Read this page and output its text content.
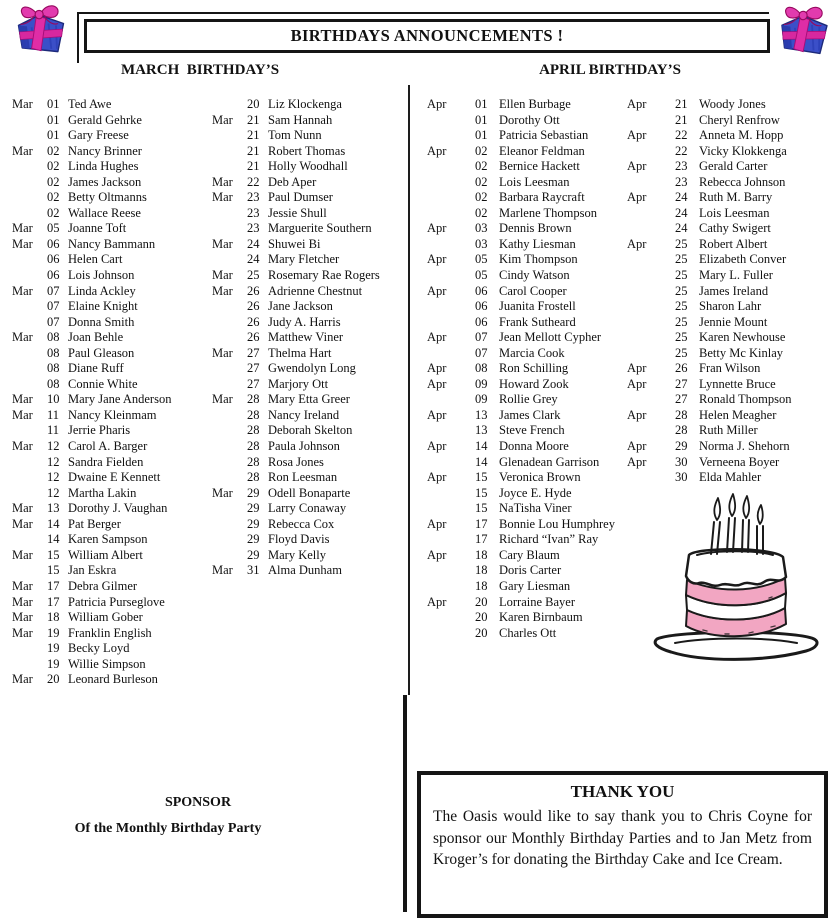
BIRTHDAYS ANNOUNCEMENTS !
MARCH  BIRTHDAY’S	APRIL BIRTHDAY’S
Mar	01 Ted Awe
01 Gerald Gehrke
01 Gary Freese
Mar	02 Nancy Brinner
02 Linda Hughes
02 James Jackson
02 Betty Oltmanns
02 Wallace Reese
Mar	05 Joanne Toft
Mar	06 Nancy Bammann
06 Helen Cart
06 Lois Johnson
Mar	07 Linda Ackley
07 Elaine Knight
07 Donna Smith
Mar	08 Joan Behle
08 Paul Gleason
08 Diane Ruff
08 Connie White
Mar	10 Mary Jane Anderson
Mar	11 Nancy Kleinmam
11 Jerrie Pharis
Mar	12 Carol A. Barger
12 Sandra Fielden
12 Dwaine E Kennett
12 Martha Lakin
Mar	13 Dorothy J. Vaughan
Mar	14 Pat Berger
14 Karen Sampson
Mar	15 William Albert
15 Jan Eskra
Mar	17 Debra Gilmer
Mar	17 Patricia Purseglove
Mar	18 William Gober
Mar	19 Franklin English
19 Becky Loyd
19 Willie Simpson
Mar	20 Leonard Burleson
20 Liz Klockenga
Mar	21 Sam Hannah
21 Tom Nunn
21 Robert Thomas
21 Holly Woodhall
Mar	22 Deb Aper
Mar	23 Paul Dumser
23 Jessie Shull
23 Marguerite Southern
Mar	24 Shuwei Bi
24 Mary Fletcher
Mar	25 Rosemary Rae Rogers
Mar	26 Adrienne Chestnut
26 Jane Jackson
26 Judy A. Harris
26 Matthew Viner
Mar	27 Thelma Hart
27 Gwendolyn Long
27 Marjory Ott
Mar	28 Mary Etta Greer
28 Nancy Ireland
28 Deborah Skelton
28 Paula Johnson
28 Rosa Jones
28 Ron Leesman
Mar	29 Odell Bonaparte
29 Larry Conaway
29 Rebecca Cox
29 Floyd Davis
29 Mary Kelly
Mar	31 Alma Dunham
Apr	01 Ellen Burbage
01 Dorothy Ott
01 Patricia Sebastian
Apr	02 Eleanor Feldman
02 Bernice Hackett
02 Lois Leesman
02 Barbara Raycraft
02 Marlene Thompson
Apr	03 Dennis Brown
03 Kathy Liesman
Apr	05 Kim Thompson
05 Cindy Watson
Apr	06 Carol Cooper
06 Juanita Frostell
06 Frank Sutheard
Apr	07 Jean Mellott Cypher
07 Marcia Cook
Apr	08 Ron Schilling
Apr	09 Howard Zook
09 Rollie Grey
Apr	13 James Clark
13 Steve French
Apr	14 Donna Moore
14 Glenadean Garrison
Apr	15 Veronica Brown
15 Joyce E. Hyde
15 NaTisha Viner
Apr	17 Bonnie Lou Humphrey
17 Richard “Ivan” Ray
Apr	18 Cary Blaum
18 Doris Carter
18 Gary Liesman
Apr	20 Lorraine Bayer
20 Karen Birnbaum
20 Charles Ott
Apr	21 Woody Jones
21 Cheryl Renfrow
Apr	22 Anneta M. Hopp
22 Vicky Klokkenga
Apr	23 Gerald Carter
23 Rebecca Johnson
Apr	24 Ruth M. Barry
24 Lois Leesman
24 Cathy Swigert
Apr	25 Robert Albert
25 Elizabeth Conver
25 Mary L. Fuller
25 James Ireland
25 Sharon Lahr
25 Jennie Mount
25 Karen Newhouse
25 Betty Mc Kinlay
Apr	26 Fran Wilson
Apr	27 Lynnette Bruce
27 Ronald Thompson
Apr	28 Helen Meagher
28 Ruth Miller
Apr	29 Norma J. Shehorn
Apr	30 Verneena Boyer
30 Elda Mahler
SPONSOR
Of the Monthly Birthday Party
THANK YOU

The Oasis would like to say thank you to Chris Coyne for sponsor our Monthly Birthday Parties and to Jan Metz from Kroger’s for donating the Birthday Cake and Ice Cream.
